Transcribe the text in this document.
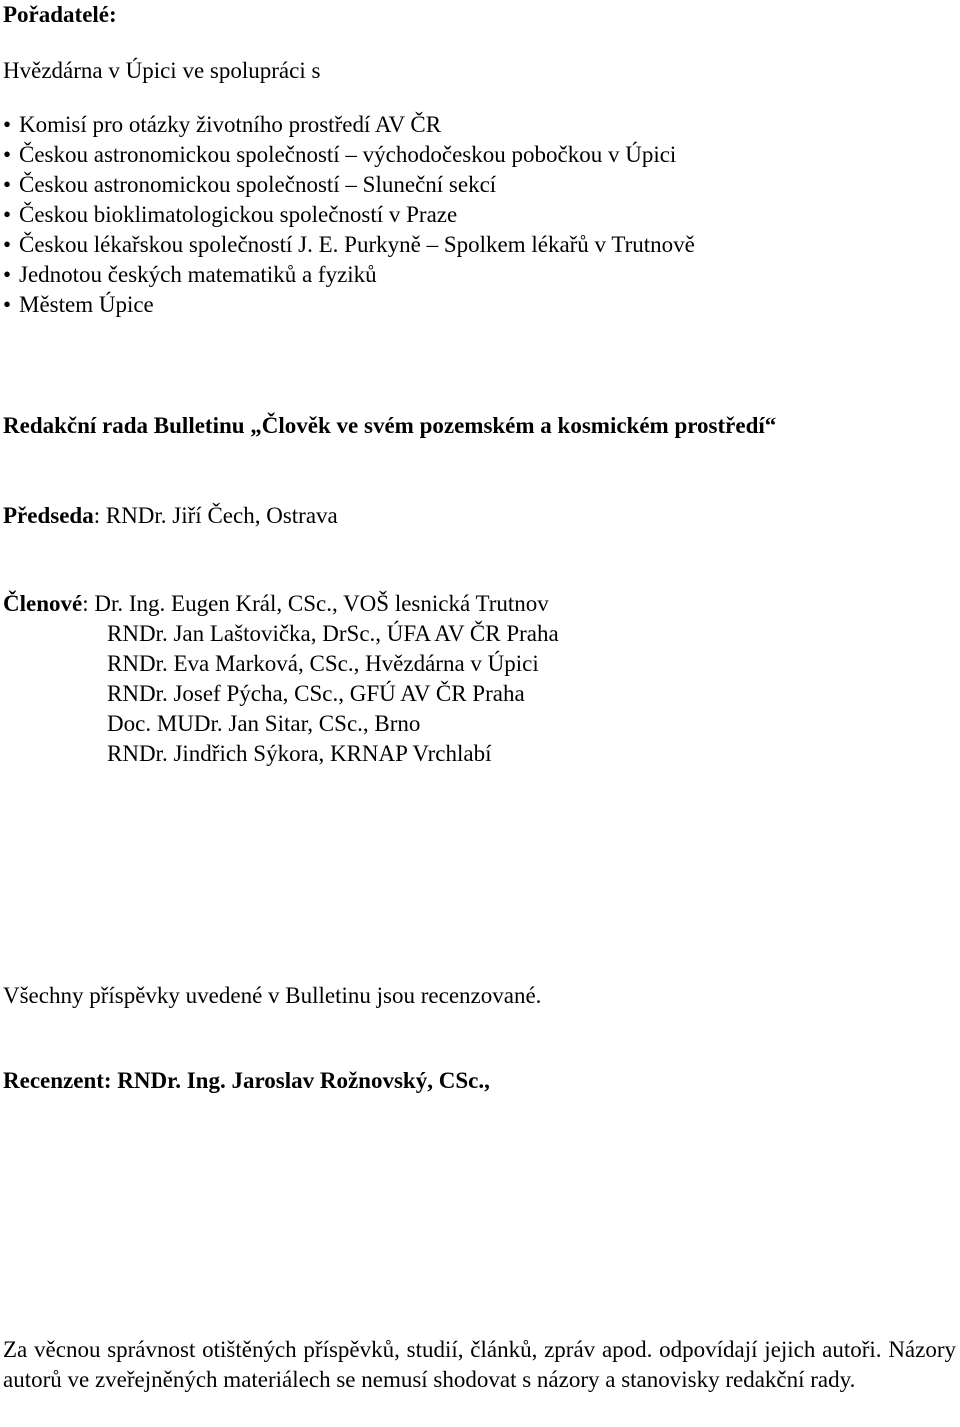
Pořadatelé:
Hvězdárna v Úpici ve spolupráci s
• Komisí pro otázky životního prostředí AV ČR
• Českou astronomickou společností – východočeskou pobočkou v Úpici
• Českou astronomickou společností – Sluneční sekcí
• Českou bioklimatologickou společností v Praze
• Českou lékařskou společností J. E. Purkyně – Spolkem lékařů v Trutnově
• Jednotou českých matematiků a fyziků
• Městem Úpice
Redakční rada Bulletinu „Člověk ve svém pozemském a kosmickém prostředí“
Předseda: RNDr. Jiří Čech, Ostrava
Členové: Dr. Ing. Eugen Král, CSc., VOŠ lesnická Trutnov
RNDr. Jan Laštovička, DrSc., ÚFA AV ČR Praha
RNDr. Eva Marková, CSc., Hvězdárna v Úpici
RNDr. Josef Pýcha, CSc., GFÚ AV ČR Praha
Doc. MUDr. Jan Sitar, CSc., Brno
RNDr. Jindřich Sýkora, KRNAP Vrchlabí
Všechny příspěvky uvedené v Bulletinu jsou recenzované.
Recenzent: RNDr. Ing. Jaroslav Rožnovský, CSc.,
Za věcnou správnost otištěných příspěvků, studií, článků, zpráv apod. odpovídají jejich autoři. Názory autorů ve zveřejněných materiálech se nemusí shodovat s názory a stanovisky redakční rady.
